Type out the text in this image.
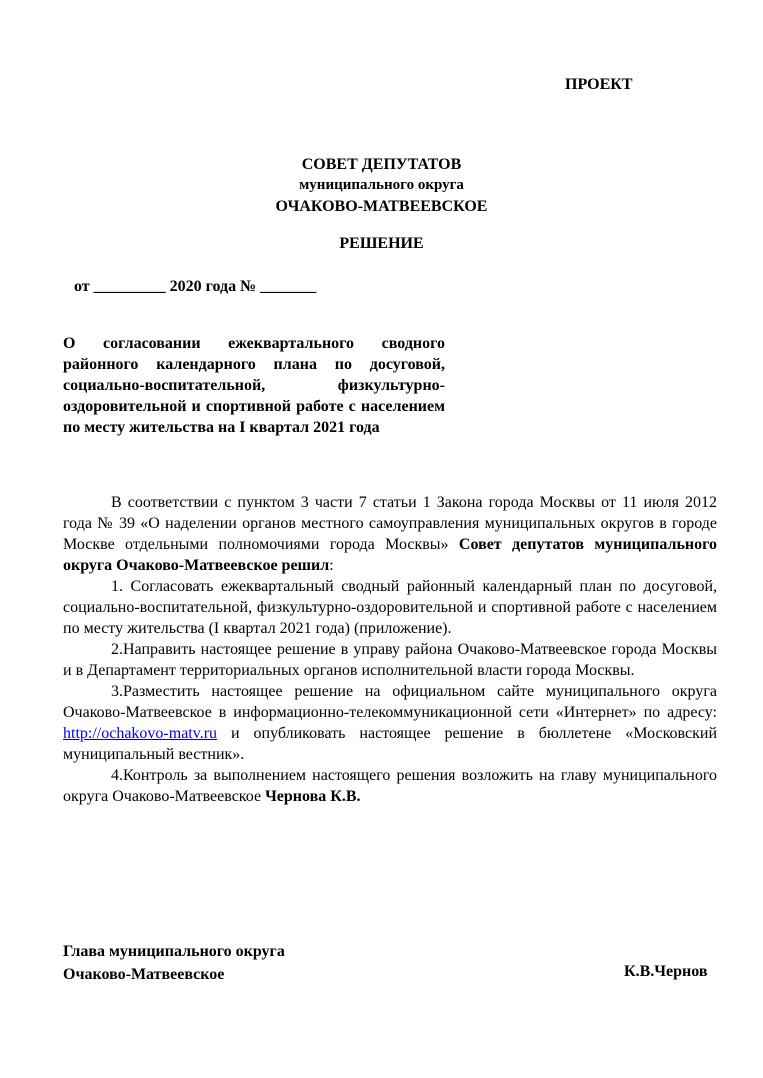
ПРОЕКТ
СОВЕТ ДЕПУТАТОВ
муниципального округа
ОЧАКОВО-МАТВЕЕВСКОЕ
РЕШЕНИЕ
от _________ 2020 года № _______
О согласовании ежеквартального сводного районного календарного плана по досуговой, социально-воспитательной, физкультурно-оздоровительной и спортивной работе с населением по месту жительства на I квартал 2021 года

В соответствии с пунктом 3 части 7 статьи 1 Закона города Москвы от 11 июля 2012 года № 39 «О наделении органов местного самоуправления муниципальных округов в городе Москве отдельными полномочиями города Москвы» Совет депутатов муниципального округа Очаково-Матвеевское решил:

1. Согласовать ежеквартальный сводный районный календарный план по досуговой, социально-воспитательной, физкультурно-оздоровительной и спортивной работе с населением по месту жительства (I квартал 2021 года) (приложение).

2.Направить настоящее решение в управу района Очаково-Матвеевское города Москвы и в Департамент территориальных органов исполнительной власти города Москвы.

3.Разместить настоящее решение на официальном сайте муниципального округа Очаково-Матвеевское в информационно-телекоммуникационной сети «Интернет» по адресу: http://ochakovo-matv.ru и опубликовать настоящее решение в бюллетене «Московский муниципальный вестник».

4.Контроль за выполнением настоящего решения возложить на главу муниципального округа Очаково-Матвеевское Чернова К.В.

Глава муниципального округа
Очаково-Матвеевское	К.В.Чернов
